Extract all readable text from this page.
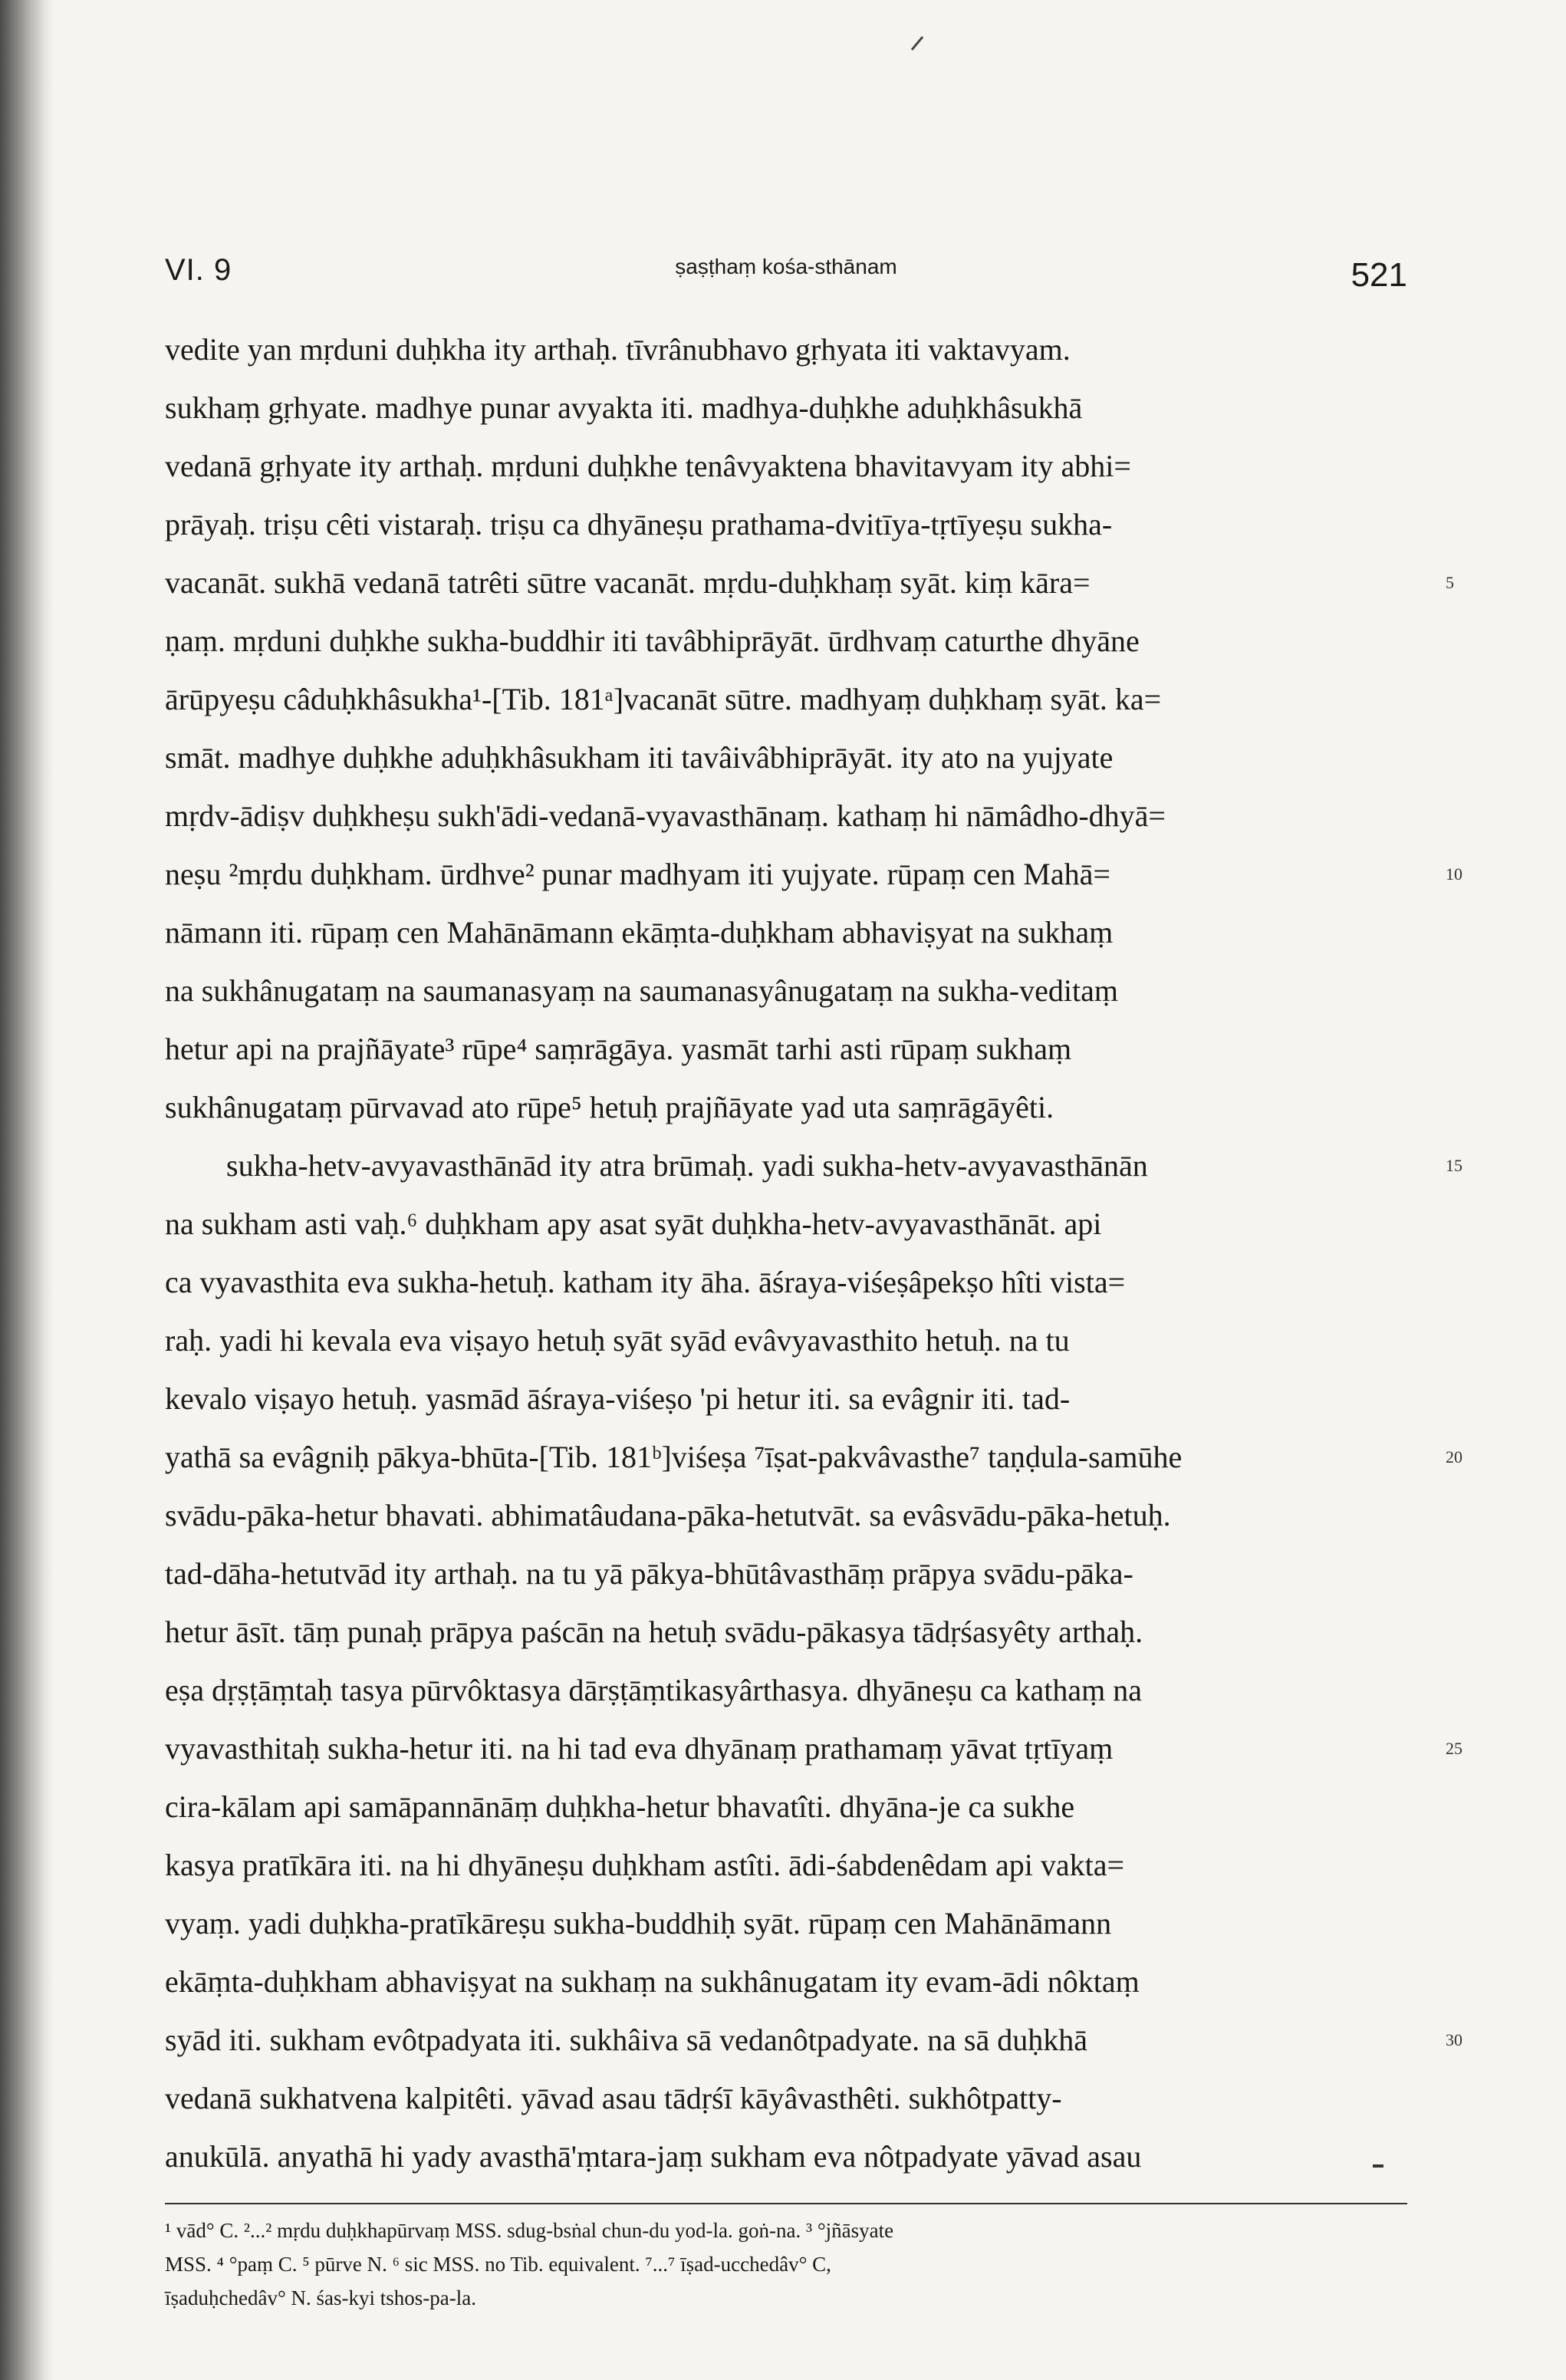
VI. 9	ṣaṣṭhaṃ kośa-sthānam	521
vedite yan mṛduni duḥkha ity arthaḥ. tīvrânubhavo gṛhyata iti vaktavyam.
sukhaṃ gṛhyate. madhye punar avyakta iti. madhya-duḥkhe aduḥkhâsukhā
vedanā gṛhyate ity arthaḥ. mṛduni duḥkhe tenâvyaktena bhavitavyam ity abhi=
prāyaḥ. triṣu cêti vistaraḥ. triṣu ca dhyāneṣu prathama-dvitīya-tṛtīyeṣu sukha-
vacanāt. sukhā vedanā tatrêti sūtre vacanāt. mṛdu-duḥkhaṃ syāt. kiṃ kāra=	5
ṇaṃ. mṛduni duḥkhe sukha-buddhir iti tavâbhiprāyāt. ūrdhvaṃ caturthe dhyāne
ārūpyeṣu câduḥkhâsukha¹-[Tib. 181ᵃ]vacanāt sūtre. madhyaṃ duḥkhaṃ syāt. ka=
smāt. madhye duḥkhe aduḥkhâsukham iti tavâivâbhiprāyāt. ity ato na yujyate
mṛdv-ādiṣv duḥkheṣu sukh'ādi-vedanā-vyavasthānaṃ. kathaṃ hi nāmâdho-dhyā=
neṣu ²mṛdu duḥkham. ūrdhve² punar madhyam iti yujyate. rūpaṃ cen Mahā=	10
nāmann iti. rūpaṃ cen Mahānāmann ekāṃta-duḥkham abhaviṣyat na sukhaṃ
na sukhânugataṃ na saumanasyaṃ na saumanasyânugataṃ na sukha-veditaṃ
hetur api na prajñāyate³ rūpe⁴ saṃrāgāya. yasmāt tarhi asti rūpaṃ sukhaṃ
sukhânugataṃ pūrvavad ato rūpe⁵ hetuḥ prajñāyate yad uta saṃrāgāyêti.
sukha-hetv-avyavasthānād ity atra brūmaḥ. yadi sukha-hetv-avyavasthānān	15
na sukham asti vaḥ.⁶ duḥkham apy asat syāt duḥkha-hetv-avyavasthānāt. api
ca vyavasthita eva sukha-hetuḥ. katham ity āha. āśraya-viśeṣâpekṣo hîti vista=
raḥ. yadi hi kevala eva viṣayo hetuḥ syāt syād evâvyavasthito hetuḥ. na tu
kevalo viṣayo hetuḥ. yasmād āśraya-viśeṣo 'pi hetur iti. sa evâgnir iti. tad-
yathā sa evâgniḥ pākya-bhūta-[Tib. 181ᵇ]viśeṣa ⁷īṣat-pakvâvasthe⁷ taṇḍula-samūhe	20
svādu-pāka-hetur bhavati. abhimatâudana-pāka-hetutvāt. sa evâsvādu-pāka-hetuḥ.
tad-dāha-hetutvād ity arthaḥ. na tu yā pākya-bhūtâvasthāṃ prāpya svādu-pāka-
hetur āsīt. tāṃ punaḥ prāpya paścān na hetuḥ svādu-pākasya tādṛśasyêty arthaḥ.
eṣa dṛṣṭāṃtaḥ tasya pūrvôktasya dārṣṭāṃtikasyârthasya. dhyāneṣu ca kathaṃ na
vyavasthitaḥ sukha-hetur iti. na hi tad eva dhyānaṃ prathamaṃ yāvat tṛtīyaṃ	25
cira-kālam api samāpannānāṃ duḥkha-hetur bhavatîti. dhyāna-je ca sukhe
kasya pratīkāra iti. na hi dhyāneṣu duḥkham astîti. ādi-śabdenêdam api vakta=
vyaṃ. yadi duḥkha-pratīkāreṣu sukha-buddhiḥ syāt. rūpaṃ cen Mahānāmann
ekāṃta-duḥkham abhaviṣyat na sukhaṃ na sukhânugatam ity evam-ādi nôktaṃ
syād iti. sukham evôtpadyata iti. sukhâiva sā vedanôtpadyate. na sā duḥkhā	30
vedanā sukhatvena kalpitêti. yāvad asau tādṛśī kāyâvasthêti. sukhôtpatty-
anukūlā. anyathā hi yady avasthā'ṃtara-jaṃ sukham eva nôtpadyate yāvad asau
¹ vād° C. ²...² mṛdu duḥkhapūrvaṃ MSS. sdug-bsṅal chun-du yod-la. goṅ-na. ³ °jñāsyate
MSS. ⁴ °paṃ C. ⁵ pūrve N. ⁶ sic MSS. no Tib. equivalent. ⁷...⁷ īṣad-ucchedâv° C,
īṣaduḥchedâv° N. śas-kyi tshos-pa-la.
